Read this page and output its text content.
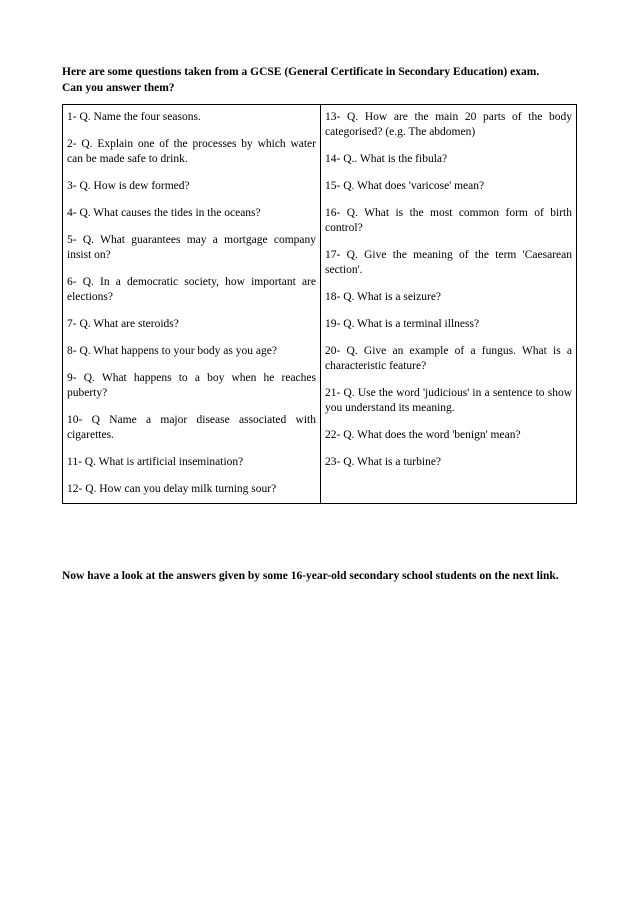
Here are some questions taken from a GCSE (General Certificate in Secondary Education) exam.
Can you answer them?

1- Q. Name the four seasons.

2- Q. Explain one of the processes by which water can be made safe to drink.

3- Q. How is dew formed?

4- Q. What causes the tides in the oceans?

5- Q. What guarantees may a mortgage company insist on?

6- Q. In a democratic society, how important are elections?

7- Q. What are steroids?

8- Q. What happens to your body as you age?

9- Q. What happens to a boy when he reaches puberty?

10- Q Name a major disease associated with cigarettes.

11- Q. What is artificial insemination?

12- Q. How can you delay milk turning sour?

13- Q. How are the main 20 parts of the body categorised? (e.g. The abdomen)

14- Q.. What is the fibula?

15- Q. What does 'varicose' mean?

16- Q. What is the most common form of birth control?

17- Q. Give the meaning of the term 'Caesarean section'.

18- Q. What is a seizure?

19- Q. What is a terminal illness?

20- Q. Give an example of a fungus. What is a characteristic feature?

21- Q. Use the word 'judicious' in a sentence to show you understand its meaning.

22- Q. What does the word 'benign' mean?

23- Q. What is a turbine?

Now have a look at the answers given by some 16-year-old secondary school students on the next link.
